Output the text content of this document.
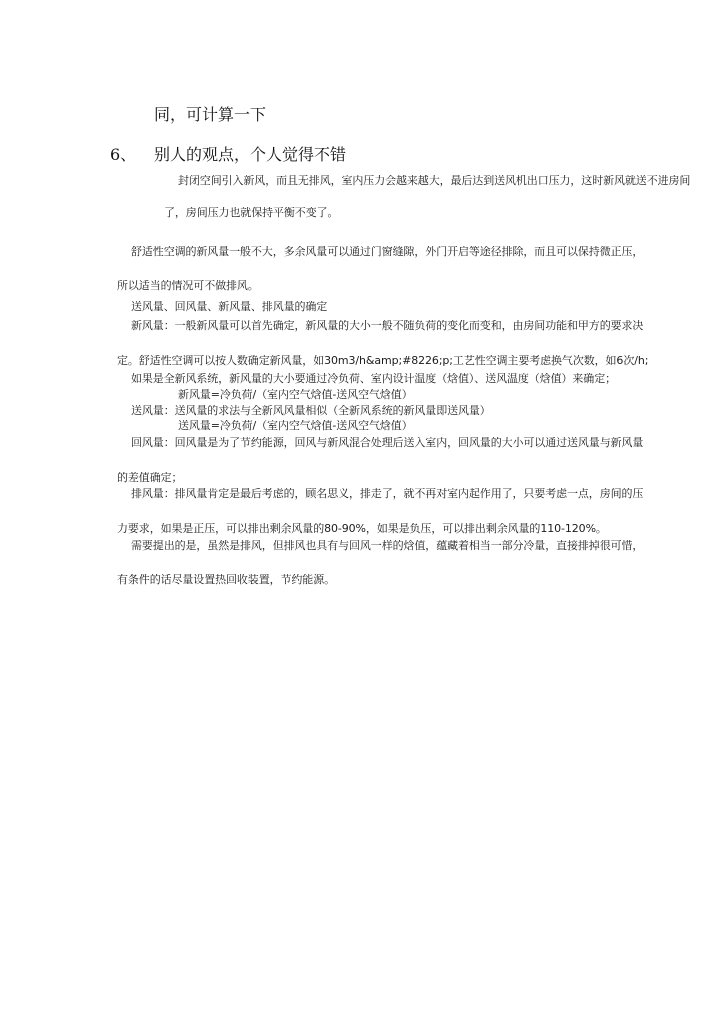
同，可计算一下
6、 别人的观点，个人觉得不错
封闭空间引入新风，而且无排风，室内压力会越来越大，最后达到送风机出口压力，这时新风就送不进房间
了，房间压力也就保持平衡不变了。
舒适性空调的新风量一般不大，多余风量可以通过门窗缝隙，外门开启等途径排除，而且可以保持微正压，
所以适当的情况可不做排风。
送风量、回风量、新风量、排风量的确定
新风量：一般新风量可以首先确定，新风量的大小一般不随负荷的变化而变和，由房间功能和甲方的要求决
定。舒适性空调可以按人数确定新风量，如30m3/h&amp;#8226;p;工艺性空调主要考虑换气次数，如6次/h;
如果是全新风系统，新风量的大小要通过冷负荷、室内设计温度（焓值）、送风温度（焓值）来确定；
新风量=冷负荷/（室内空气焓值-送风空气焓值）
送风量：送风量的求法与全新风风量相似（全新风系统的新风量即送风量）
送风量=冷负荷/（室内空气焓值-送风空气焓值）
回风量：回风量是为了节约能源，回风与新风混合处理后送入室内，回风量的大小可以通过送风量与新风量
的差值确定；
排风量：排风量肯定是最后考虑的，顾名思义，排走了，就不再对室内起作用了，只要考虑一点，房间的压
力要求，如果是正压，可以排出剩余风量的80-90%，如果是负压，可以排出剩余风量的110-120%。
需要提出的是，虽然是排风，但排风也具有与回风一样的焓值，蕴藏着相当一部分冷量，直接排掉很可惜，
有条件的话尽量设置热回收装置，节约能源。
